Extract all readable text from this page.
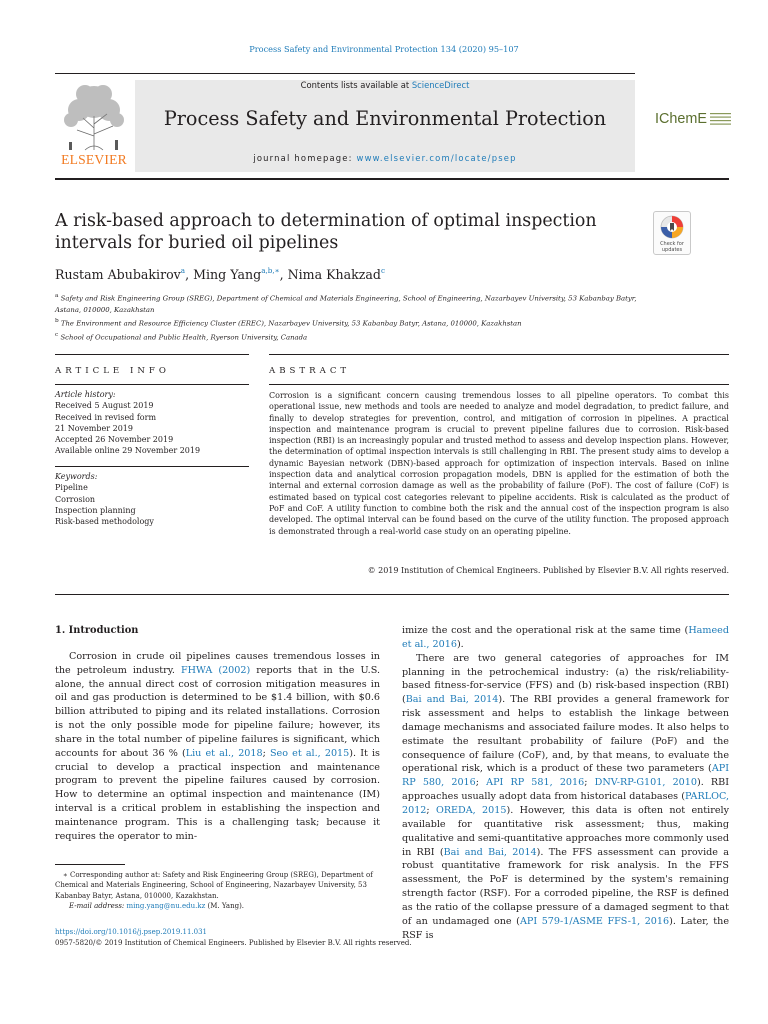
Process Safety and Environmental Protection 134 (2020) 95–107
ELSEVIER
Contents lists available at ScienceDirect
Process Safety and Environmental Protection
journal homepage: www.elsevier.com/locate/psep
IChemE
A risk-based approach to determination of optimal inspection intervals for buried oil pipelines	Check for updates
Rustam Abubakirov$^a$, Ming Yang$^{a,b,∗}$, Nima Khakzad$^c$
$^a$ Safety and Risk Engineering Group (SREG), Department of Chemical and Materials Engineering, School of Engineering, Nazarbayev University, 53 Kabanbay Batyr, Astana, 010000, Kazakhstan
$^b$ The Environment and Resource Efficiency Cluster (EREC), Nazarbayev University, 53 Kabanbay Batyr, Astana, 010000, Kazakhstan
$^c$ School of Occupational and Public Health, Ryerson University, Canada
ARTICLE INFO	ABSTRACT
Article history:
Received 5 August 2019
Received in revised form
21 November 2019
Accepted 26 November 2019
Available online 29 November 2019
Keywords:
Pipeline
Corrosion
Inspection planning
Risk-based methodology
Corrosion is a significant concern causing tremendous losses to all pipeline operators. To combat this operational issue, new methods and tools are needed to analyze and model degradation, to predict failure, and finally to develop strategies for prevention, control, and mitigation of corrosion in pipelines. A practical inspection and maintenance program is crucial to prevent pipeline failures due to corrosion. Risk-based inspection (RBI) is an increasingly popular and trusted method to assess and develop inspection plans. However, the determination of optimal inspection intervals is still challenging in RBI. The present study aims to develop a dynamic Bayesian network (DBN)-based approach for optimization of inspection intervals. Based on inline inspection data and analytical corrosion propagation models, DBN is applied for the estimation of both the internal and external corrosion damage as well as the probability of failure (PoF). The cost of failure (CoF) is estimated based on typical cost categories relevant to pipeline accidents. Risk is calculated as the product of PoF and CoF. A utility function to combine both the risk and the annual cost of the inspection program is also developed. The optimal interval can be found based on the curve of the utility function. The proposed approach is demonstrated through a real-world case study on an operating pipeline.
© 2019 Institution of Chemical Engineers. Published by Elsevier B.V. All rights reserved.
1. Introduction

Corrosion in crude oil pipelines causes tremendous losses in the petroleum industry. FHWA (2002) reports that in the U.S. alone, the annual direct cost of corrosion mitigation measures in oil and gas production is determined to be $1.4 billion, with $0.6 billion attributed to piping and its related installations. Corrosion is not the only possible mode for pipeline failure; however, its share in the total number of pipeline failures is significant, which accounts for about 36 % (Liu et al., 2018; Seo et al., 2015). It is crucial to develop a practical inspection and maintenance program to prevent the pipeline failures caused by corrosion. How to determine an optimal inspection and maintenance (IM) interval is a critical problem in establishing the inspection and maintenance program. This is a challenging task; because it requires the operator to min-

imize the cost and the operational risk at the same time (Hameed et al., 2016).

There are two general categories of approaches for IM planning in the petrochemical industry: (a) the risk/reliability-based fitness-for-service (FFS) and (b) risk-based inspection (RBI) (Bai and Bai, 2014). The RBI provides a general framework for risk assessment and helps to establish the linkage between damage mechanisms and associated failure modes. It also helps to estimate the resultant probability of failure (PoF) and the consequence of failure (CoF), and, by that means, to evaluate the operational risk, which is a product of these two parameters (API RP 580, 2016; API RP 581, 2016; DNV-RP-G101, 2010). RBI approaches usually adopt data from historical databases (PARLOC, 2012; OREDA, 2015). However, this data is often not entirely available for quantitative risk assessment; thus, making qualitative and semi-quantitative approaches more commonly used in RBI (Bai and Bai, 2014). The FFS assessment can provide a robust quantitative framework for risk analysis. In the FFS assessment, the PoF is determined by the system's remaining strength factor (RSF). For a corroded pipeline, the RSF is defined as the ratio of the collapse pressure of a damaged segment to that of an undamaged one (API 579-1/ASME FFS-1, 2016). Later, the RSF is

∗ Corresponding author at: Safety and Risk Engineering Group (SREG), Department of Chemical and Materials Engineering, School of Engineering, Nazarbayev University, 53 Kabanbay Batyr, Astana, 010000, Kazakhstan.
E-mail address: ming.yang@nu.edu.kz (M. Yang).
https://doi.org/10.1016/j.psep.2019.11.031
0957-5820/© 2019 Institution of Chemical Engineers. Published by Elsevier B.V. All rights reserved.
